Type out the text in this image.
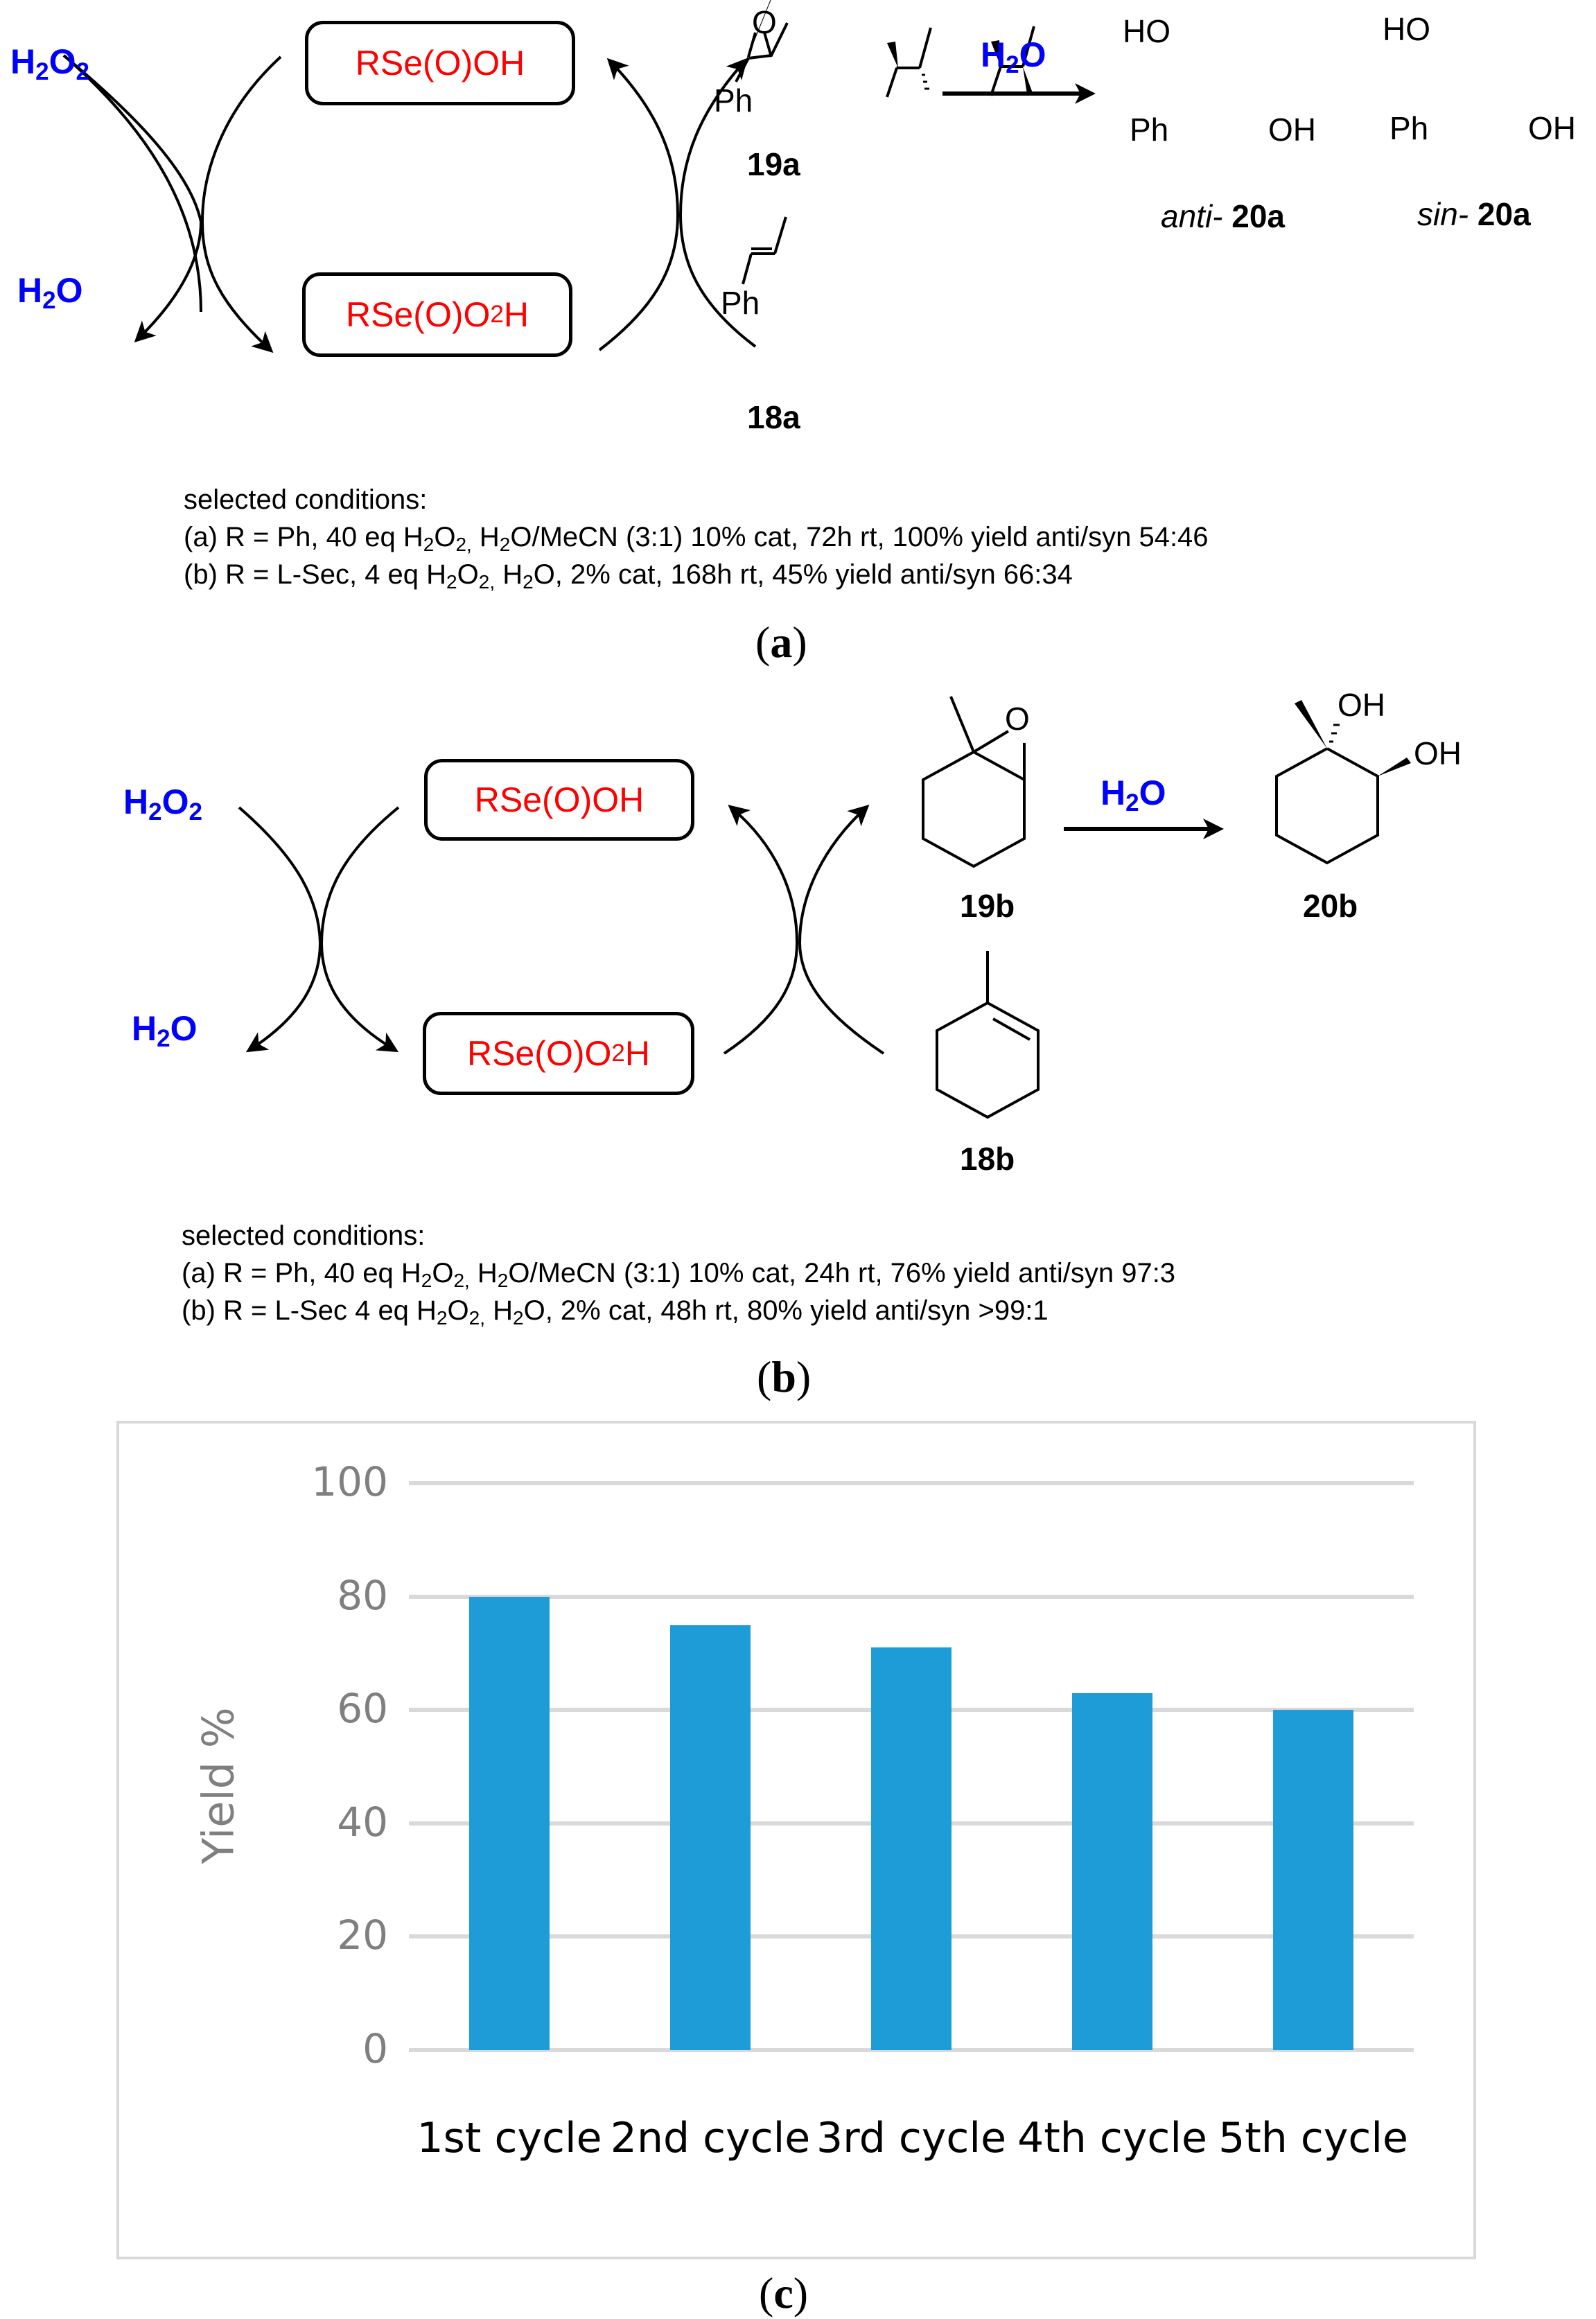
$H_2O_2$
$H_2O$
RSe(O)OH
RSe(O)O 2 H
O
Ph
19a
Ph
18a
$H_2O$
HO
Ph	OH
anti- 20a
HO
Ph	OH
sin- 20a
selected conditions:
(a) R = Ph, 40 eq $H_2O_{2,}$ $H_2O$/MeCN (3:1) 10% cat, 72h rt, 100% yield anti/syn 54:46
(b) R = L-Sec, 4 eq $H_2O_{2,}$ $H_2O$, 2% cat, 168h rt, 45% yield anti/syn 66:34
(a)
$H_2O_2$
$H_2O$
RSe(O)OH
RSe(O)O 2 H
O
19b
$H_2O$
OH
OH
20b
18b
selected conditions:
(a) R = Ph, 40 eq $H_2O_{2,}$ $H_2O$/MeCN (3:1) 10% cat, 24h rt, 76% yield anti/syn 97:3
(b) R = L-Sec 4 eq $H_2O_{2,}$ $H_2O$, 2% cat, 48h rt, 80% yield anti/syn >99:1
(b)
Yield %
0
20
40
60
80
100
1st cycle 2nd cycle 3rd cycle 4th cycle 5th cycle
(c)
